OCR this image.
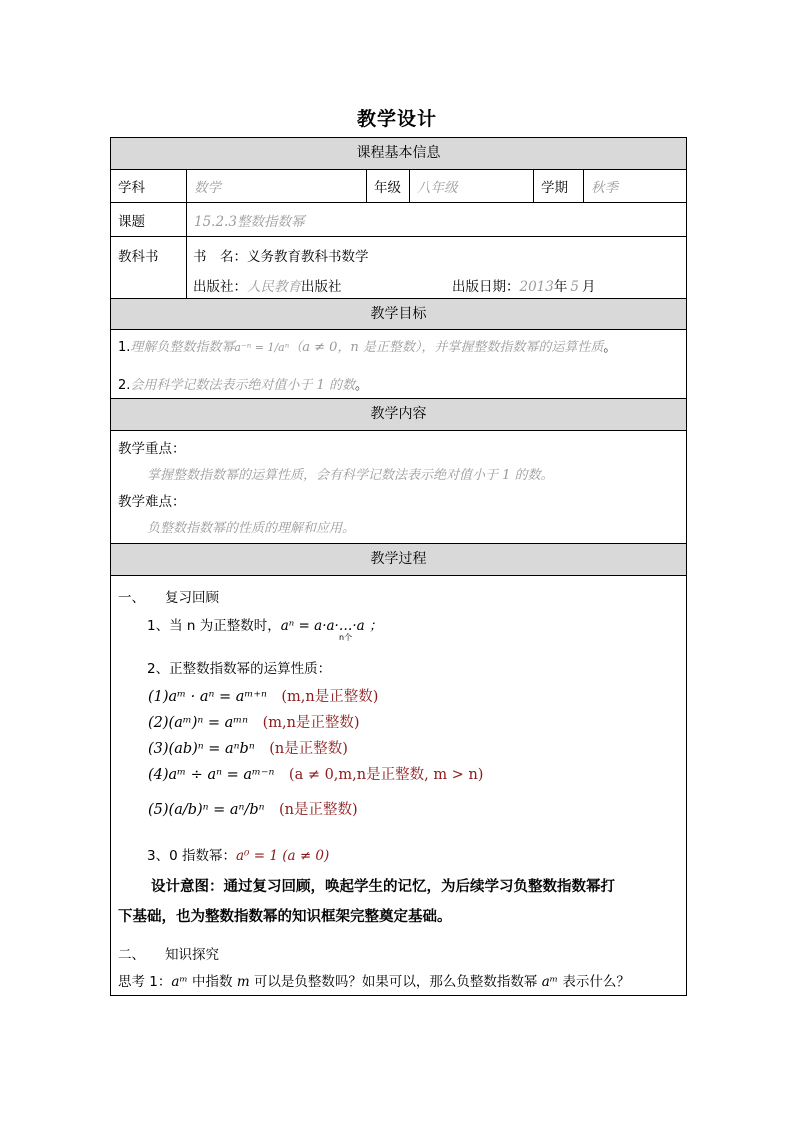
教学设计
课程基本信息
学科	数学	年级	八年级	学期	秋季
课题	15.2.3整数指数幂
教科书	书　名：义务教育教科书数学
出版社：人民教育出版社	出版日期：2013年 5 月
教学目标
1.理解负整数指数幂a⁻ⁿ = 1/aⁿ（a ≠ 0，n 是正整数），并掌握整数指数幂的运算性质。
2.会用科学记数法表示绝对值小于 1 的数。
教学内容
教学重点：
掌握整数指数幂的运算性质，会有科学记数法表示绝对值小于 1 的数。
教学难点：
负整数指数幂的性质的理解和应用。
教学过程
一、 复习回顾
1、当 n 为正整数时，aⁿ = a·a·…·a ；
n个
2、正整数指数幂的运算性质：
(1)aᵐ · aⁿ = aᵐ⁺ⁿ　 (m,n是正整数)
(2)(aᵐ)ⁿ = aᵐⁿ　 (m,n是正整数)
(3)(ab)ⁿ = aⁿbⁿ　 (n是正整数)
(4)aᵐ ÷ aⁿ = aᵐ⁻ⁿ　 (a ≠ 0,m,n是正整数, m > n)
(5)(a/b)ⁿ = aⁿ/bⁿ　 (n是正整数)
3、0 指数幂：a⁰ = 1 (a ≠ 0)
设计意图：通过复习回顾，唤起学生的记忆，为后续学习负整数指数幂打
下基础，也为整数指数幂的知识框架完整奠定基础。
二、 知识探究
思考 1：aᵐ 中指数 m 可以是负整数吗？如果可以，那么负整数指数幂 aᵐ 表示什么？
